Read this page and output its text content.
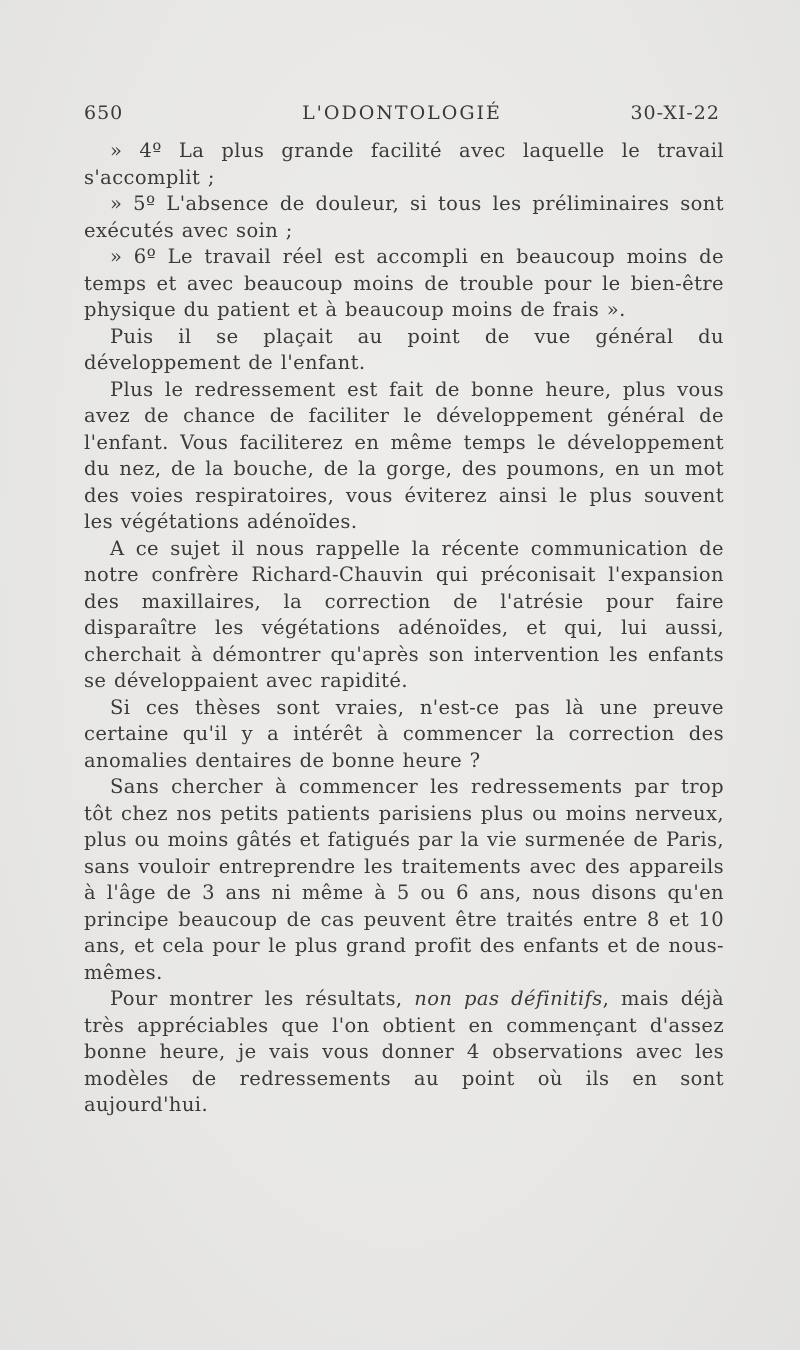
650	L'ODONTOLOGIÉ	30-XI-22

» 4º La plus grande facilité avec laquelle le travail s'accomplit ;

» 5º L'absence de douleur, si tous les préliminaires sont exécutés avec soin ;

» 6º Le travail réel est accompli en beaucoup moins de temps et avec beaucoup moins de trouble pour le bien-être physique du patient et à beaucoup moins de frais ».

Puis il se plaçait au point de vue général du développement de l'enfant.

Plus le redressement est fait de bonne heure, plus vous avez de chance de faciliter le développement général de l'enfant. Vous faciliterez en même temps le développement du nez, de la bouche, de la gorge, des poumons, en un mot des voies respiratoires, vous éviterez ainsi le plus souvent les végétations adénoïdes.

A ce sujet il nous rappelle la récente communication de notre confrère Richard-Chauvin qui préconisait l'expansion des maxillaires, la correction de l'atrésie pour faire disparaître les végétations adénoïdes, et qui, lui aussi, cherchait à démontrer qu'après son intervention les enfants se développaient avec rapidité.

Si ces thèses sont vraies, n'est-ce pas là une preuve certaine qu'il y a intérêt à commencer la correction des anomalies dentaires de bonne heure ?

Sans chercher à commencer les redressements par trop tôt chez nos petits patients parisiens plus ou moins nerveux, plus ou moins gâtés et fatigués par la vie surmenée de Paris, sans vouloir entreprendre les traitements avec des appareils à l'âge de 3 ans ni même à 5 ou 6 ans, nous disons qu'en principe beaucoup de cas peuvent être traités entre 8 et 10 ans, et cela pour le plus grand profit des enfants et de nous-mêmes.

Pour montrer les résultats, non pas définitifs, mais déjà très appréciables que l'on obtient en commençant d'assez bonne heure, je vais vous donner 4 observations avec les modèles de redressements au point où ils en sont aujourd'hui.
